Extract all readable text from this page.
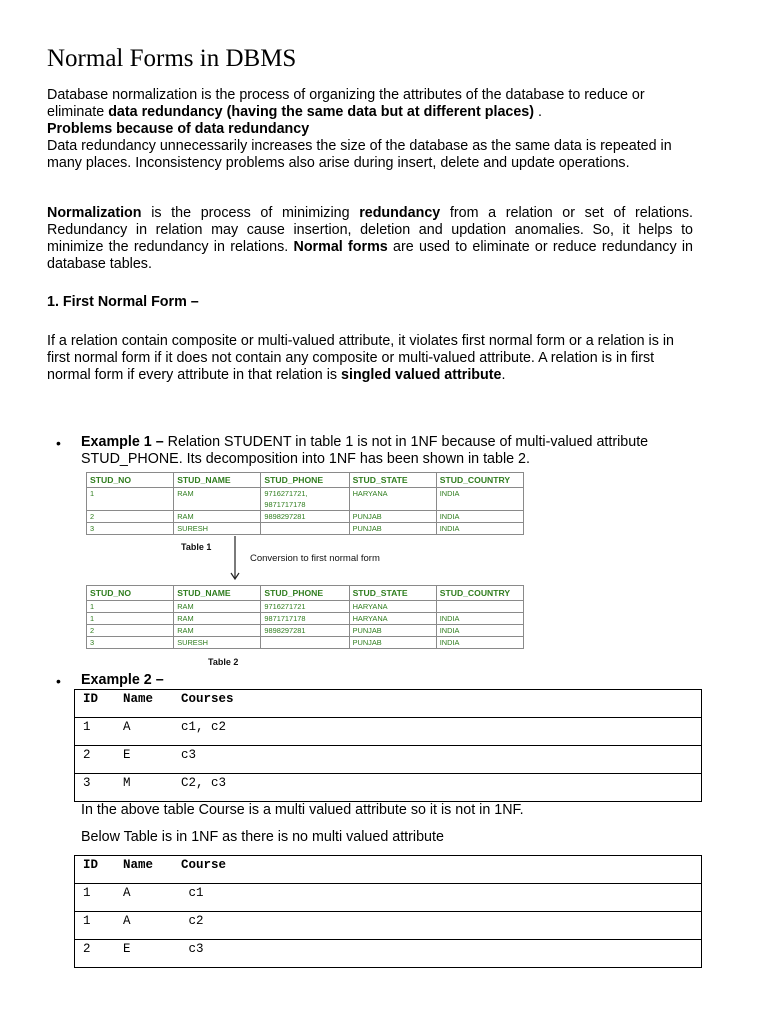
Normal Forms in DBMS

Database normalization is the process of organizing the attributes of the database to reduce or eliminate data redundancy (having the same data but at different places) .
Problems because of data redundancy
Data redundancy unnecessarily increases the size of the database as the same data is repeated in many places. Inconsistency problems also arise during insert, delete and update operations.

Normalization is the process of minimizing redundancy from a relation or set of relations. Redundancy in relation may cause insertion, deletion and updation anomalies. So, it helps to minimize the redundancy in relations. Normal forms are used to eliminate or reduce redundancy in database tables.

1. First Normal Form –

If a relation contain composite or multi-valued attribute, it violates first normal form or a relation is in first normal form if it does not contain any composite or multi-valued attribute. A relation is in first normal form if every attribute in that relation is singled valued attribute.

• Example 1 – Relation STUDENT in table 1 is not in 1NF because of multi-valued attribute STUD_PHONE. Its decomposition into 1NF has been shown in table 2.
STUD_NO	STUD_NAME	STUD_PHONE	STUD_STATE	STUD_COUNTRY
1	RAM	9716271721,
9871717178	HARYANA	INDIA
2	RAM	9898297281	PUNJAB	INDIA
3	SURESH		PUNJAB	INDIA
Table 1
Conversion to first normal form
STUD_NO	STUD_NAME	STUD_PHONE	STUD_STATE	STUD_COUNTRY
1	RAM	9716271721	HARYANA	
1	RAM	9871717178	HARYANA	INDIA
2	RAM	9898297281	PUNJAB	INDIA
3	SURESH		PUNJAB	INDIA
Table 2
• Example 2 –
ID Name Courses
1	A	c1, c2
2	E	c3
3	M	C2, c3
In the above table Course is a multi valued attribute so it is not in 1NF.
Below Table is in 1NF as there is no multi valued attribute
ID Name Course
1	A	c1
1	A	c2
2	E	c3
